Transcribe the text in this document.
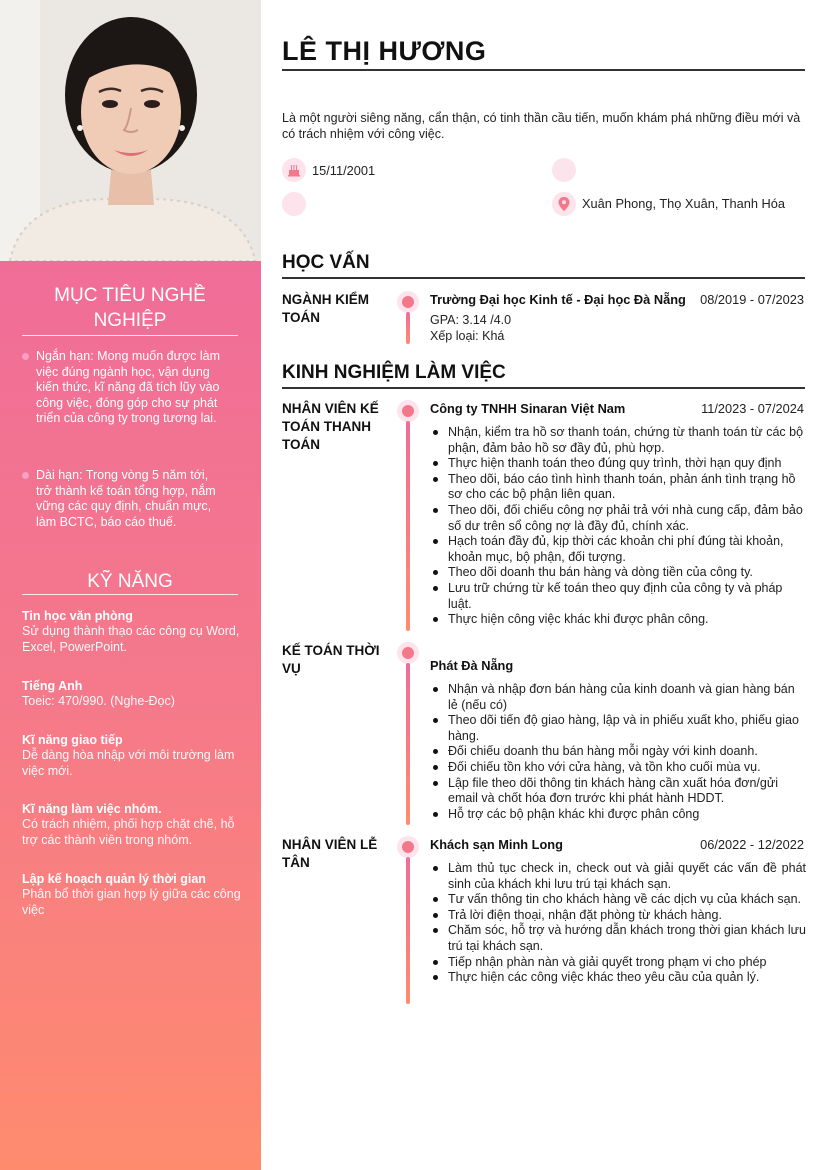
MỤC TIÊU NGHỀ NGHIỆP
Ngắn hạn: Mong muốn được làm việc đúng ngành học, vận dụng kiến thức, kĩ năng đã tích lũy vào công việc, đóng góp cho sự phát triển của công ty trong tương lai.
Dài hạn: Trong vòng 5 năm tới, trở thành kế toán tổng hợp, nắm vững các quy định, chuẩn mực, làm BCTC, báo cáo thuế.
KỸ NĂNG
Tin học văn phòng
Sử dụng thành thạo các công cụ Word, Excel, PowerPoint.
Tiếng Anh
Toeic: 470/990. (Nghe-Đọc)
Kĩ năng giao tiếp
Dễ dàng hòa nhập với môi trường làm việc mới.
Kĩ năng làm việc nhóm.
Có trách nhiệm, phối hợp chặt chẽ, hỗ trợ các thành viên trong nhóm.
Lập kế hoạch quản lý thời gian
Phân bổ thời gian hợp lý giữa các công việc
LÊ THỊ HƯƠNG
Là một người siêng năng, cẩn thận, có tinh thần cầu tiến, muốn khám phá những điều mới và có trách nhiệm với công việc.
15/11/2001
Xuân Phong, Thọ Xuân, Thanh Hóa
HỌC VẤN
NGÀNH KIỂM TOÁN
Trường Đại học Kinh tế - Đại học Đà Nẵng 08/2019 - 07/2023
GPA: 3.14 /4.0
Xếp loại: Khá
KINH NGHIỆM LÀM VIỆC
NHÂN VIÊN KẾ TOÁN THANH TOÁN
Công ty TNHH Sinaran Việt Nam	11/2023 - 07/2024
Nhận, kiểm tra hồ sơ thanh toán, chứng từ thanh toán từ các bộ phận, đảm bảo hồ sơ đầy đủ, phù hợp.
Thực hiện thanh toán theo đúng quy trình, thời hạn quy định
Theo dõi, báo cáo tình hình thanh toán, phản ánh tình trạng hồ sơ cho các bộ phận liên quan.
Theo dõi, đối chiếu công nợ phải trả với nhà cung cấp, đảm bảo số dư trên sổ công nợ là đầy đủ, chính xác.
Hạch toán đầy đủ, kịp thời các khoản chi phí đúng tài khoản, khoản mục, bộ phận, đối tượng.
Theo dõi doanh thu bán hàng và dòng tiền của công ty.
Lưu trữ chứng từ kế toán theo quy định của công ty và pháp luật.
Thực hiện công việc khác khi được phân công.
KẾ TOÁN THỜI VỤ	Phát Đà Nẵng
Nhận và nhập đơn bán hàng của kinh doanh và gian hàng bán lẻ (nếu có)
Theo dõi tiến độ giao hàng, lập và in phiếu xuất kho, phiếu giao hàng.
Đối chiếu doanh thu bán hàng mỗi ngày với kinh doanh.
Đối chiếu tồn kho với cửa hàng, và tồn kho cuối mùa vụ.
Lập file theo dõi thông tin khách hàng cần xuất hóa đơn/gửi email và chốt hóa đơn trước khi phát hành HDDT.
Hỗ trợ các bộ phận khác khi được phân công
NHÂN VIÊN LỄ TÂN
Khách sạn Minh Long	06/2022 - 12/2022
Làm thủ tục check in, check out và giải quyết các vấn đề phát sinh của khách khi lưu trú tại khách sạn.
Tư vấn thông tin cho khách hàng về các dịch vụ của khách sạn.
Trả lời điện thoại, nhận đặt phòng từ khách hàng.
Chăm sóc, hỗ trợ và hướng dẫn khách trong thời gian khách lưu trú tại khách sạn.
Tiếp nhận phàn nàn và giải quyết trong phạm vi cho phép
Thực hiện các công việc khác theo yêu cầu của quản lý.
